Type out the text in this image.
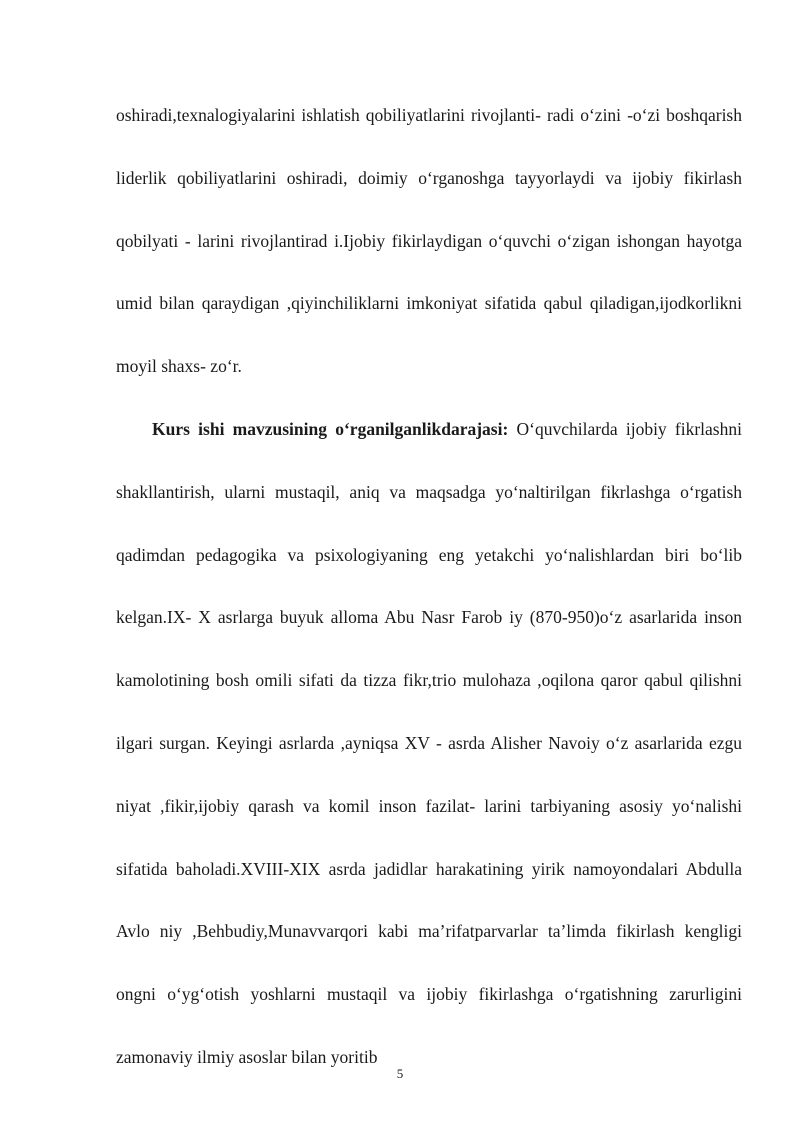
oshiradi,texnalogiyalarini ishlatish qobiliyatlarini rivojlanti- radi o‘zini -o‘zi boshqarish liderlik qobiliyatlarini oshiradi, doimiy o‘rganoshga tayyorlaydi va ijobiy fikirlash qobilyati - larini rivojlantirad i.Ijobiy fikirlaydigan o‘quvchi o‘zigan ishongan hayotga umid bilan qaraydigan ,qiyinchiliklarni imkoniyat sifatida qabul qiladigan,ijodkorlikni moyil shaxs- zo‘r.

Kurs ishi mavzusining o‘rganilganlikdarajasi: O‘quvchilarda ijobiy fikrlashni shakllantirish, ularni mustaqil, aniq va maqsadga yo‘naltirilgan fikrlashga o‘rgatish qadimdan pedagogika va psixologiyaning eng yetakchi yo‘nalishlardan biri bo‘lib kelgan.IX- X asrlarga buyuk alloma Abu Nasr Farob iy (870-950)o‘z asarlarida inson kamolotining bosh omili sifati da tizza fikr,trio mulohaza ,oqilona qaror qabul qilishni ilgari surgan. Keyingi asrlarda ,ayniqsa XV - asrda Alisher Navoiy o‘z asarlarida ezgu niyat ,fikir,ijobiy qarash va komil inson fazilat- larini tarbiyaning asosiy yo‘nalishi sifatida baholadi.XVIII-XIX asrda jadidlar harakatining yirik namoyondalari Abdulla Avlo niy ,Behbudiy,Munavvarqori kabi ma’rifatparvarlar ta’limda fikirlash kengligi ongni o‘yg‘otish yoshlarni mustaqil va ijobiy fikirlashga o‘rgatishning zarurligini zamonaviy ilmiy asoslar bilan yoritib

5
